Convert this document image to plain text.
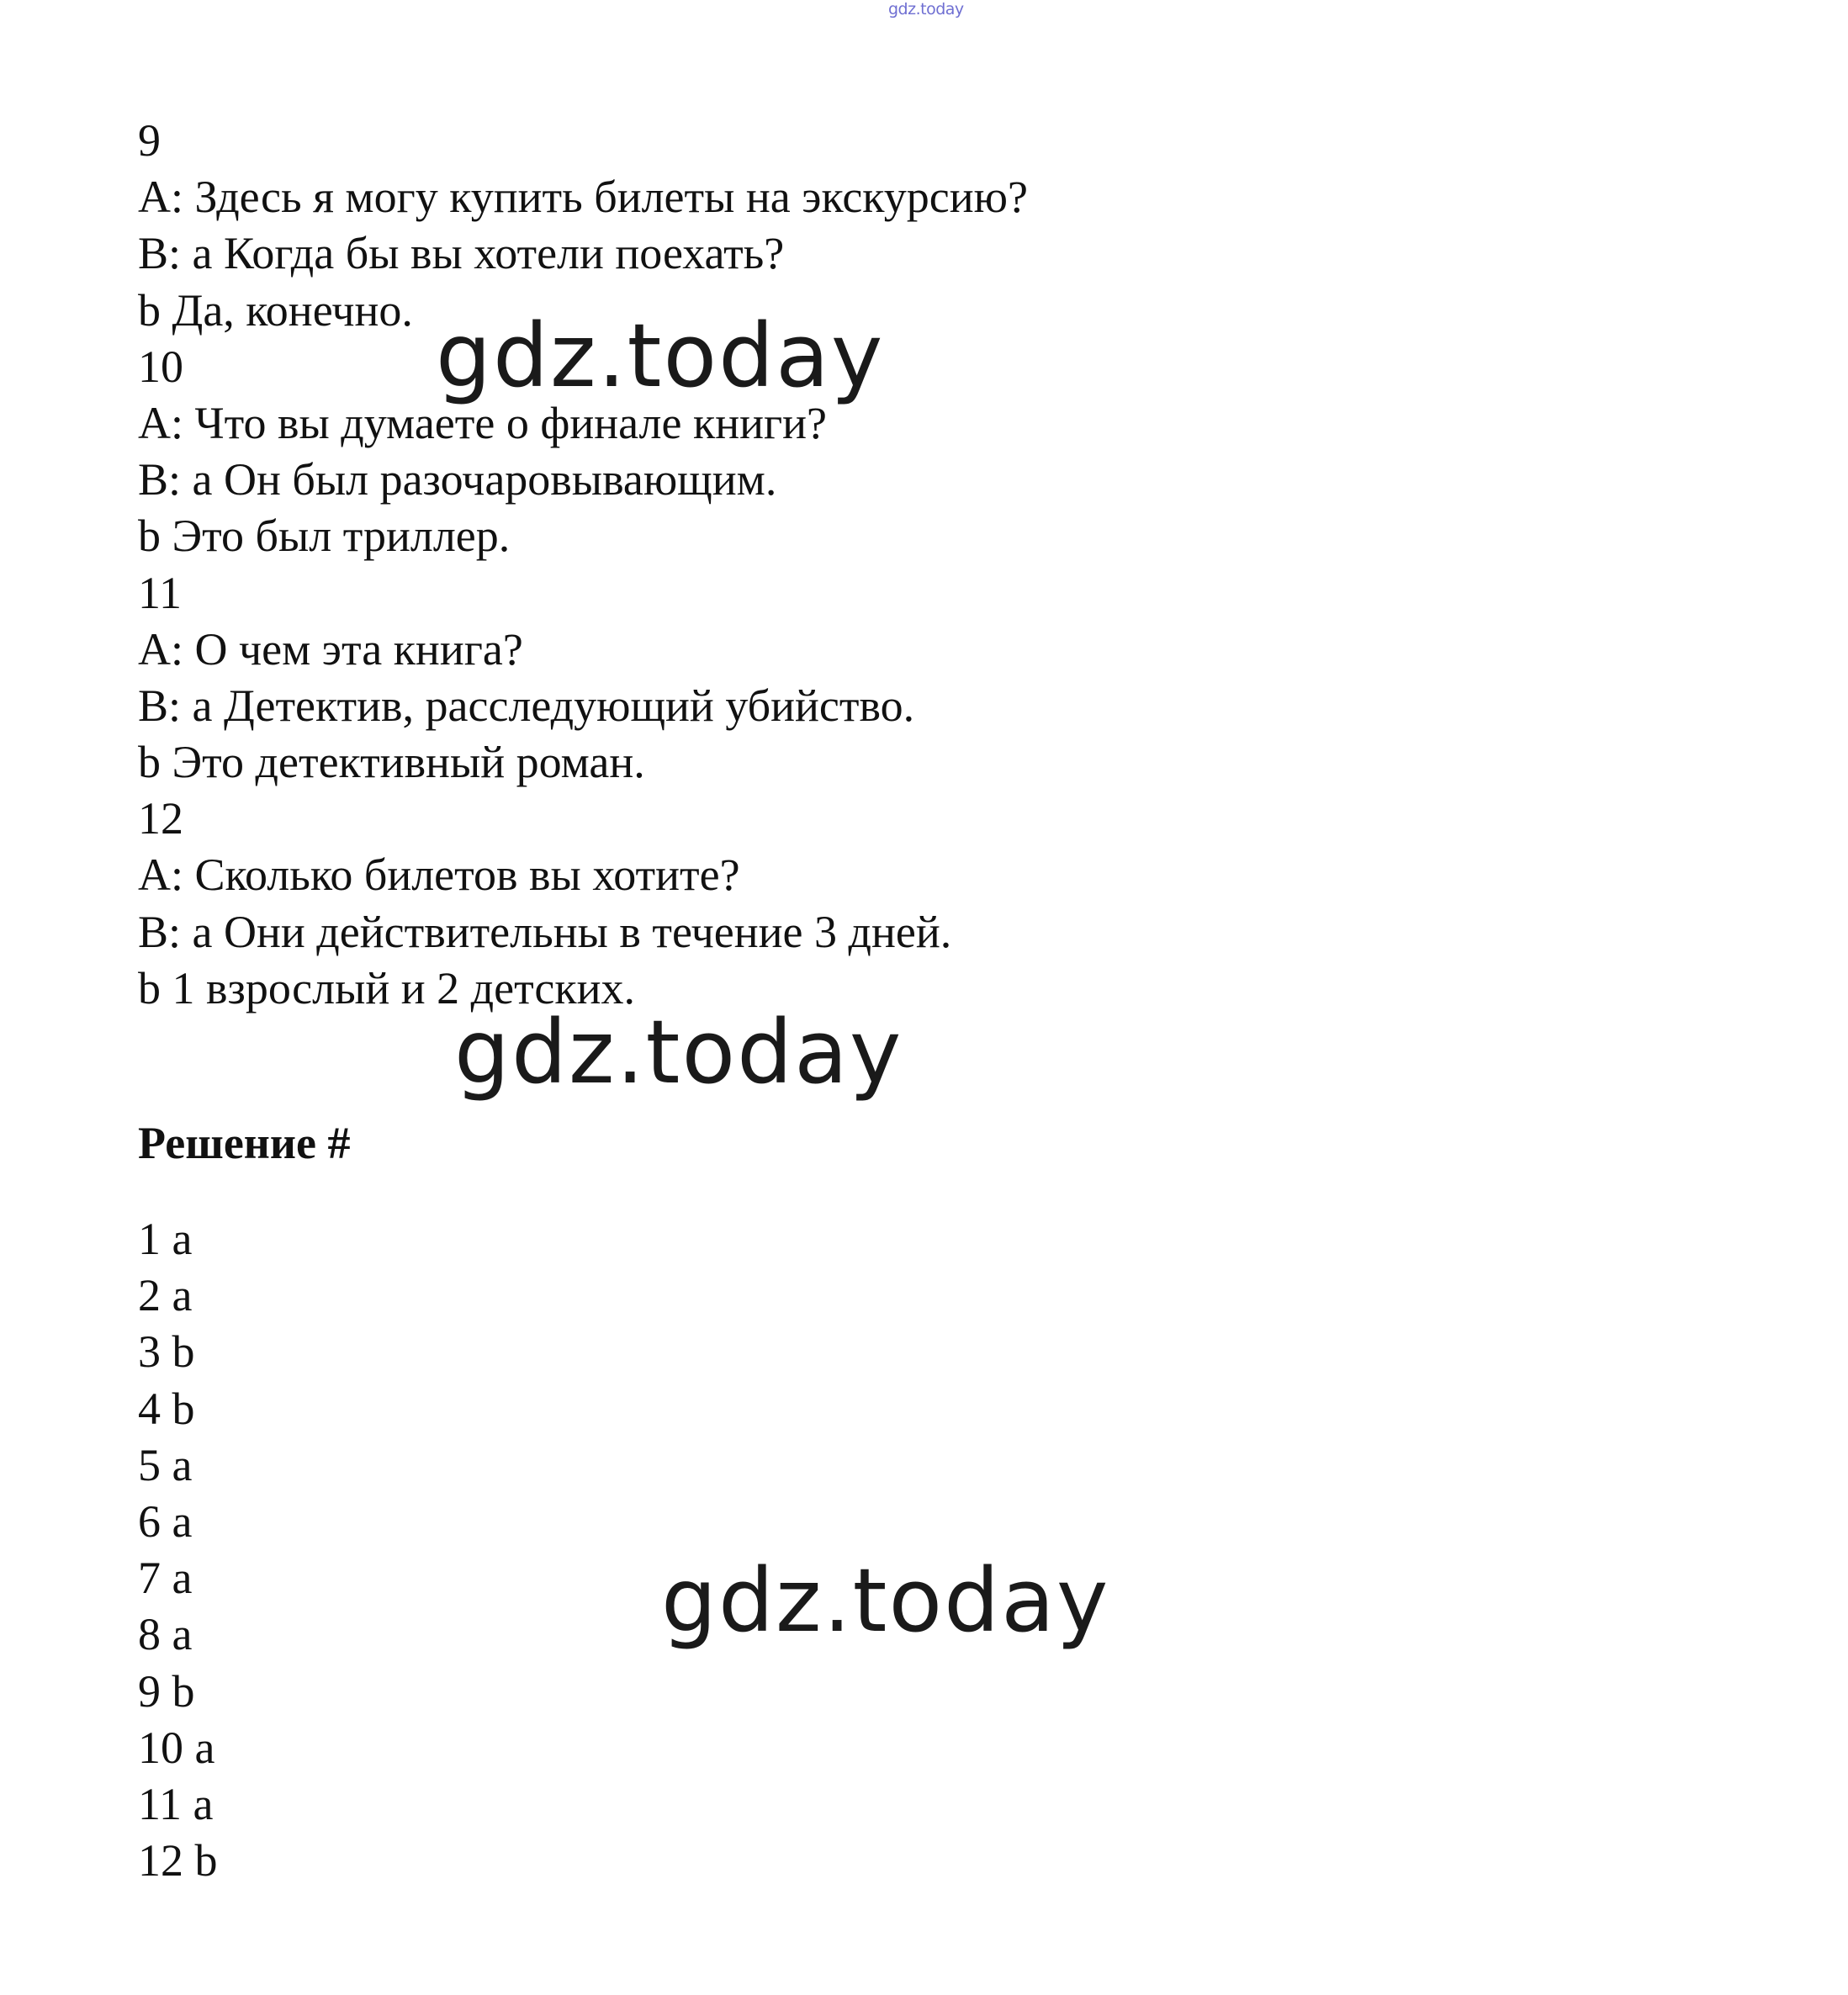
gdz.today
9
A: Здесь я могу купить билеты на экскурсию?
B: a Когда бы вы хотели поехать?
b Да, конечно.
10
A: Что вы думаете о финале книги?
B: a Он был разочаровывающим.
b Это был триллер.
11
A: О чем эта книга?
B: a Детектив, расследующий убийство.
b Это детективный роман.
12
A: Сколько билетов вы хотите?
B: a Они действительны в течение 3 дней.
b 1 взрослый и 2 детских.
Решение #
1 a
2 a
3 b
4 b
5 a
6 a
7 a
8 a
9 b
10 a
11 a
12 b
gdz.today
gdz.today
gdz.today
